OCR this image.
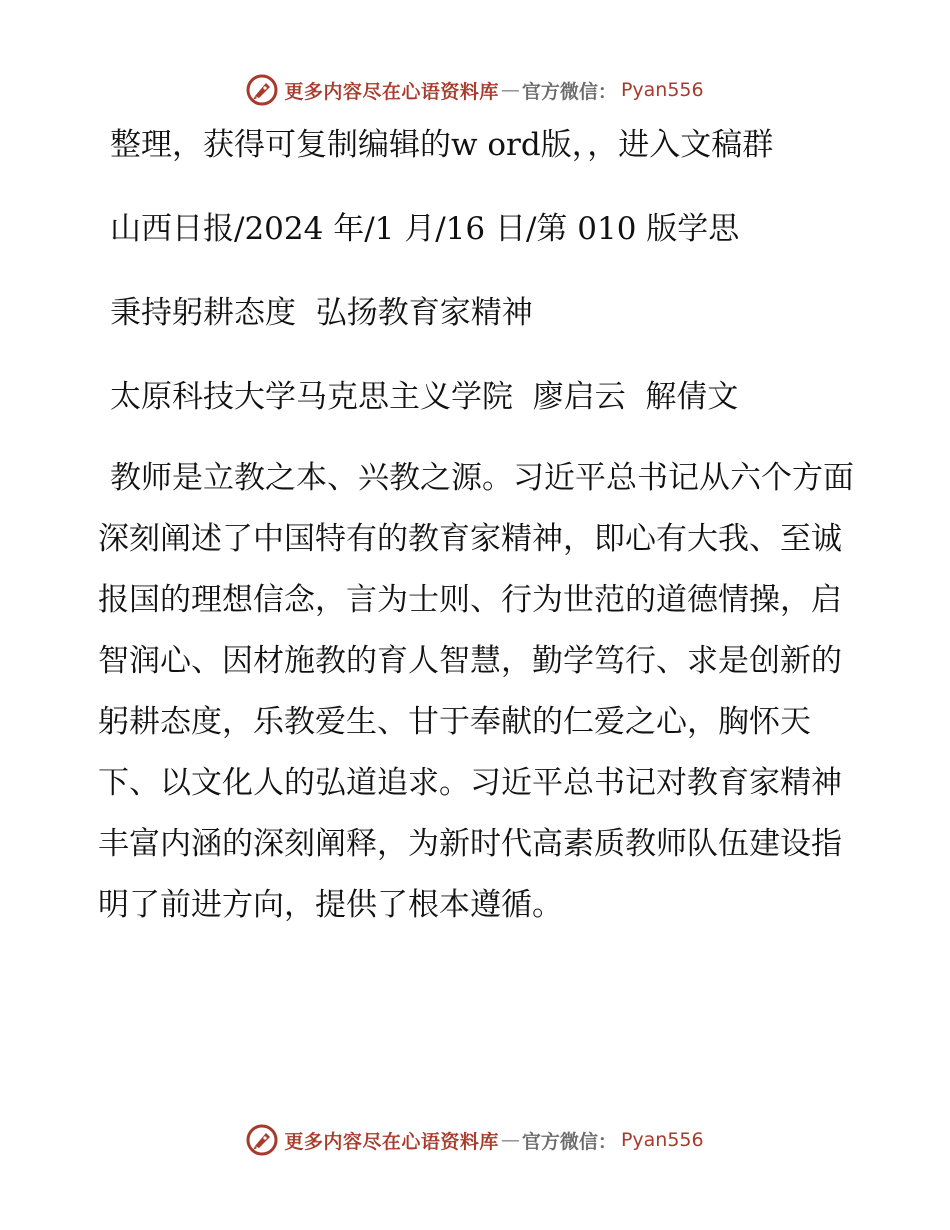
更多内容尽在心语资料库 — 官方微信： Pyan556

整理，获得可复制编辑的w ord版，，进入文稿群

山西日报/2024 年/1 月/16 日/第 010 版学思

秉持躬耕态度  弘扬教育家精神

太原科技大学马克思主义学院  廖启云  解倩文

教师是立教之本、兴教之源。习近平总书记从六个方面深刻阐述了中国特有的教育家精神，即心有大我、至诚报国的理想信念，言为士则、行为世范的道德情操，启智润心、因材施教的育人智慧，勤学笃行、求是创新的躬耕态度，乐教爱生、甘于奉献的仁爱之心，胸怀天下、以文化人的弘道追求。习近平总书记对教育家精神丰富内涵的深刻阐释，为新时代高素质教师队伍建设指明了前进方向，提供了根本遵循。

更多内容尽在心语资料库 — 官方微信： Pyan556
